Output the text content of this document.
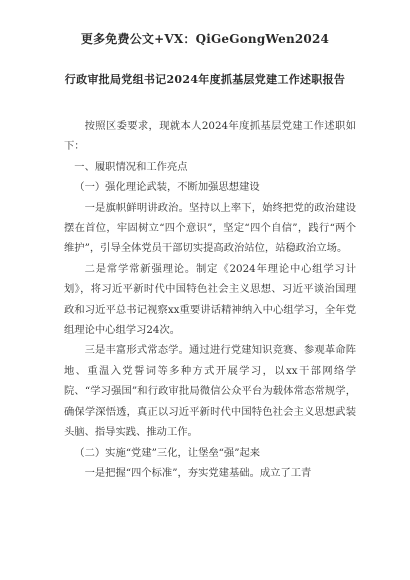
更多免费公文+VX：QiGeGongWen2024
行政审批局党组书记2024年度抓基层党建工作述职报告

按照区委要求，现就本人2024年度抓基层党建工作述职如下：

一、履职情况和工作亮点

（一）强化理论武装，不断加强思想建设

一是旗帜鲜明讲政治。坚持以上率下，始终把党的政治建设摆在首位，牢固树立“四个意识”，坚定“四个自信”，践行“两个维护”，引导全体党员干部切实提高政治站位，站稳政治立场。

二是常学常新强理论。制定《2024年理论中心组学习计划》，将习近平新时代中国特色社会主义思想、习近平谈治国理政和习近平总书记视察xx重要讲话精神纳入中心组学习，全年党组理论中心组学习24次。

三是丰富形式常态学。通过进行党建知识竞赛、参观革命阵地、重温入党誓词等多种方式开展学习，以xx干部网络学院、“学习强国”和行政审批局微信公众平台为载体常态常规学，确保学深悟透，真正以习近平新时代中国特色社会主义思想武装头脑、指导实践、推动工作。

（二）实施“党建”三化，让堡垒“强”起来

一是把握“四个标准”，夯实党建基础。成立了工青
